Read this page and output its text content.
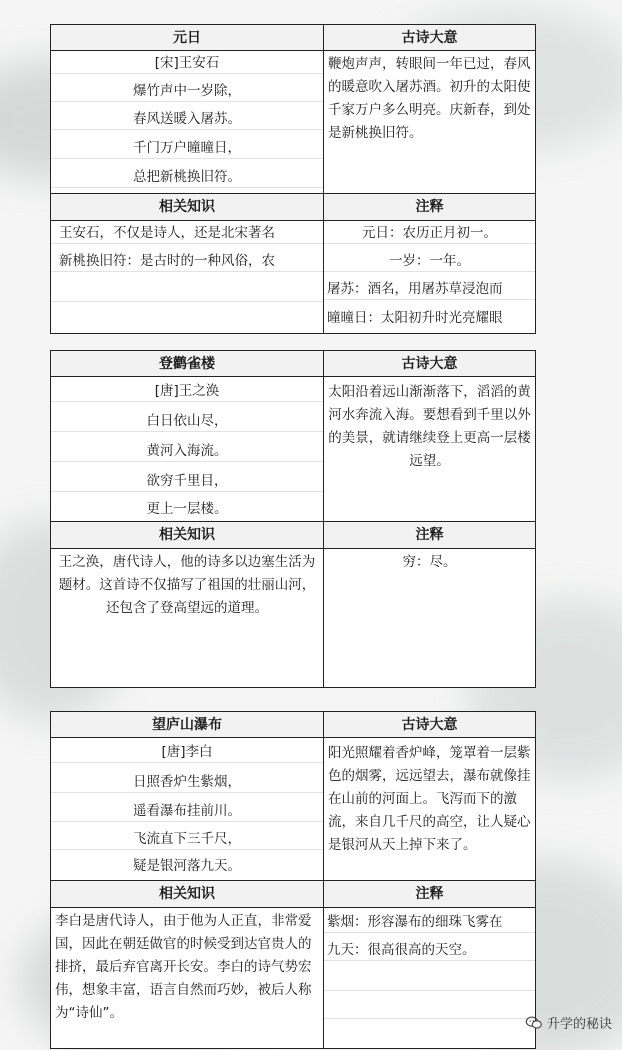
元日
[宋]王安石
爆竹声中一岁除，
春风送暖入屠苏。
千门万户曈曈日，
总把新桃换旧符。
相关知识
王安石，不仅是诗人，还是北宋著名
新桃换旧符：是古时的一种风俗，农
古诗大意
鞭炮声声，转眼间一年已过，春风的暖意吹入屠苏酒。初升的太阳使千家万户多么明亮。庆新春，到处是新桃换旧符。
注释
元日：农历正月初一。
一岁：一年。
屠苏：酒名，用屠苏草浸泡而
曈曈日：太阳初升时光亮耀眼
登鹳雀楼
[唐]王之涣
白日依山尽，
黄河入海流。
欲穷千里目，
更上一层楼。
相关知识
王之涣，唐代诗人，他的诗多以边塞生活为题材。这首诗不仅描写了祖国的壮丽山河，还包含了登高望远的道理。
古诗大意
太阳沿着远山渐渐落下，滔滔的黄河水奔流入海。要想看到千里以外的美景，就请继续登上更高一层楼远望。
注释
穷：尽。
望庐山瀑布
[唐]李白
日照香炉生紫烟，
遥看瀑布挂前川。
飞流直下三千尺，
疑是银河落九天。
相关知识
李白是唐代诗人，由于他为人正直，非常爱国，因此在朝廷做官的时候受到达官贵人的排挤，最后弃官离开长安。李白的诗气势宏伟，想象丰富，语言自然而巧妙，被后人称为“诗仙”。
古诗大意
阳光照耀着香炉峰，笼罩着一层紫色的烟雾，远远望去，瀑布就像挂在山前的河面上。飞泻而下的激流，来自几千尺的高空，让人疑心是银河从天上掉下来了。
注释
紫烟：形容瀑布的细珠飞雾在
九天：很高很高的天空。
升学的秘诀
